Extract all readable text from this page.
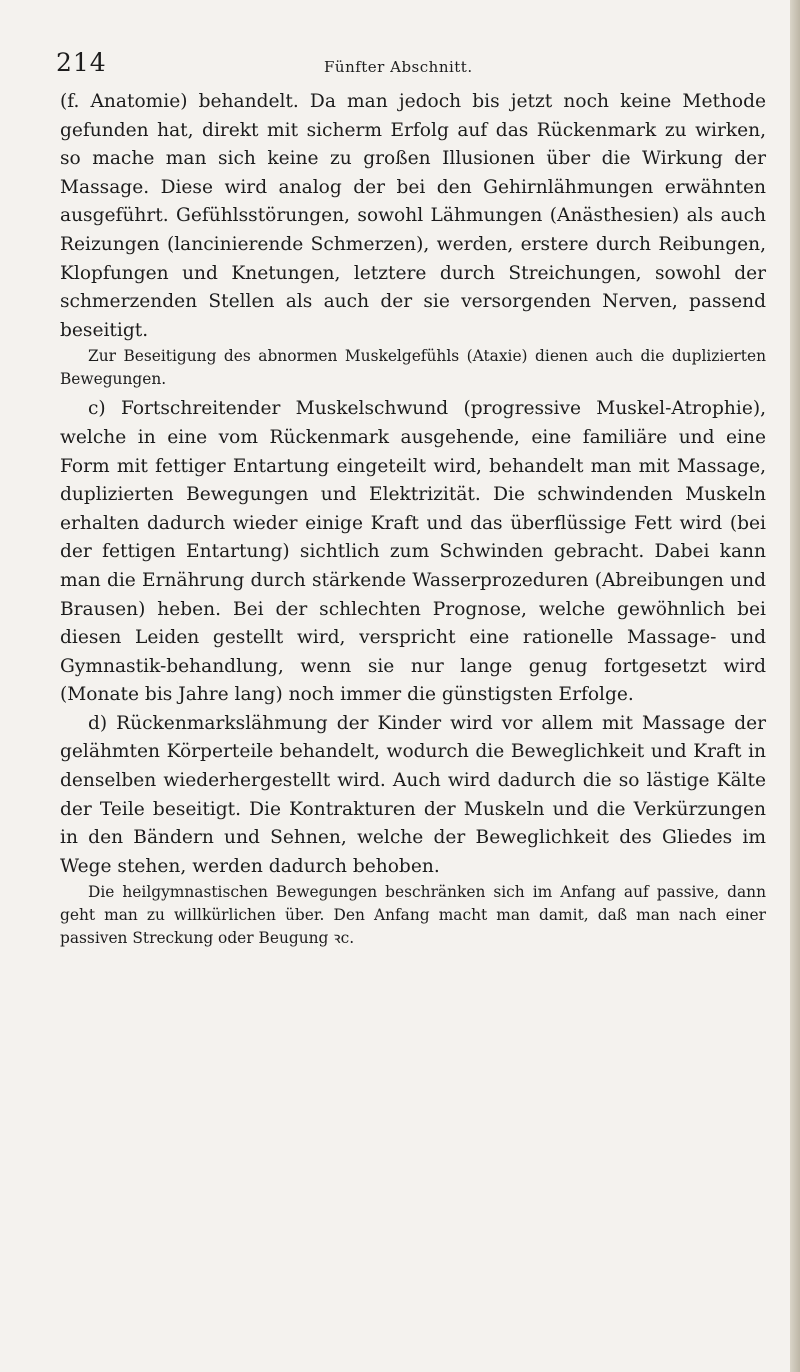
214	Fünfter Abschnitt.

(f. Anatomie) behandelt. Da man jedoch bis jetzt noch keine Methode gefunden hat, direkt mit sicherm Erfolg auf das Rückenmark zu wirken, so mache man sich keine zu großen Illusionen über die Wirkung der Massage. Diese wird analog der bei den Gehirnlähmungen erwähnten ausgeführt. Gefühlsstörungen, sowohl Lähmungen (Anästhesien) als auch Reizungen (lancinierende Schmerzen), werden, erstere durch Reibungen, Klopfungen und Knetungen, letztere durch Streichungen, sowohl der schmerzenden Stellen als auch der sie versorgenden Nerven, passend beseitigt.

Zur Beseitigung des abnormen Muskelgefühls (Ataxie) dienen auch die duplizierten Bewegungen.

c) Fortschreitender Muskelschwund (progressive Muskel-Atrophie), welche in eine vom Rückenmark ausgehende, eine familiäre und eine Form mit fettiger Entartung eingeteilt wird, behandelt man mit Massage, duplizierten Bewegungen und Elektrizität. Die schwindenden Muskeln erhalten dadurch wieder einige Kraft und das überflüssige Fett wird (bei der fettigen Entartung) sichtlich zum Schwinden gebracht. Dabei kann man die Ernährung durch stärkende Wasserprozeduren (Abreibungen und Brausen) heben. Bei der schlechten Prognose, welche gewöhnlich bei diesen Leiden gestellt wird, verspricht eine rationelle Massage- und Gymnastik-behandlung, wenn sie nur lange genug fortgesetzt wird (Monate bis Jahre lang) noch immer die günstigsten Erfolge.

d) Rückenmarkslähmung der Kinder wird vor allem mit Massage der gelähmten Körperteile behandelt, wodurch die Beweglichkeit und Kraft in denselben wiederhergestellt wird. Auch wird dadurch die so lästige Kälte der Teile beseitigt. Die Kontrakturen der Muskeln und die Verkürzungen in den Bändern und Sehnen, welche der Beweglichkeit des Gliedes im Wege stehen, werden dadurch behoben.

Die heilgymnastischen Bewegungen beschränken sich im Anfang auf passive, dann geht man zu willkürlichen über. Den Anfang macht man damit, daß man nach einer passiven Streckung oder Beugung ꝛc.
